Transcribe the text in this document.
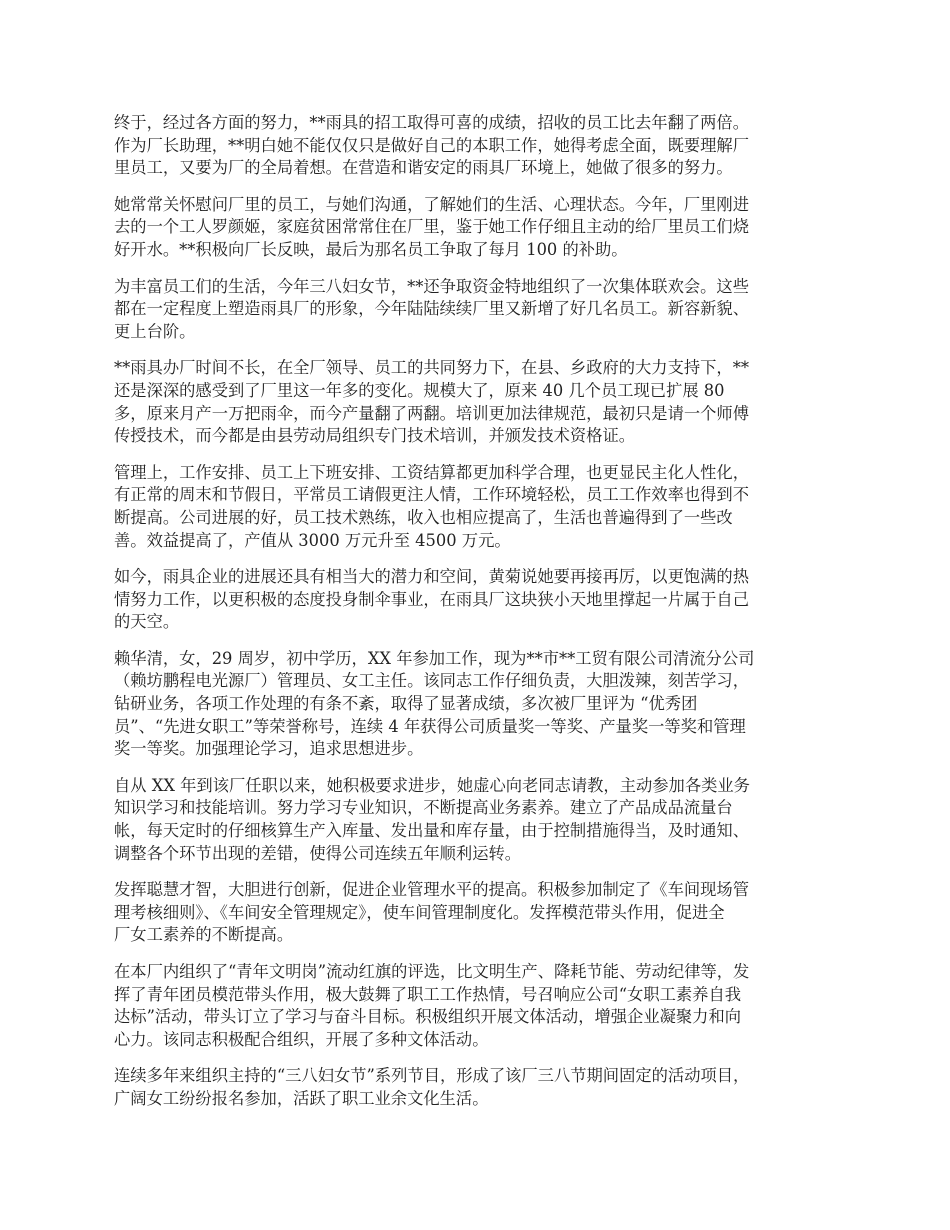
终于，经过各方面的努力，**雨具的招工取得可喜的成绩，招收的员工比去年翻了两倍。
作为厂长助理，**明白她不能仅仅只是做好自己的本职工作，她得考虑全面，既要理解厂
里员工，又要为厂的全局着想。在营造和谐安定的雨具厂环境上，她做了很多的努力。

她常常关怀慰问厂里的员工，与她们沟通，了解她们的生活、心理状态。今年，厂里刚进
去的一个工人罗颜姬，家庭贫困常常住在厂里，鉴于她工作仔细且主动的给厂里员工们烧
好开水。**积极向厂长反映，最后为那名员工争取了每月 100 的补助。

为丰富员工们的生活，今年三八妇女节，**还争取资金特地组织了一次集体联欢会。这些
都在一定程度上塑造雨具厂的形象，今年陆陆续续厂里又新增了好几名员工。新容新貌、
更上台阶。

**雨具办厂时间不长，在全厂领导、员工的共同努力下，在县、乡政府的大力支持下，**
还是深深的感受到了厂里这一年多的变化。规模大了，原来 40 几个员工现已扩展 80
多，原来月产一万把雨伞，而今产量翻了两翻。培训更加法律规范，最初只是请一个师傅
传授技术，而今都是由县劳动局组织专门技术培训，并颁发技术资格证。

管理上，工作安排、员工上下班安排、工资结算都更加科学合理，也更显民主化人性化，
有正常的周末和节假日，平常员工请假更注人情，工作环境轻松，员工工作效率也得到不
断提高。公司进展的好，员工技术熟练，收入也相应提高了，生活也普遍得到了一些改
善。效益提高了，产值从 3000 万元升至 4500 万元。

如今，雨具企业的进展还具有相当大的潜力和空间，黄菊说她要再接再厉，以更饱满的热
情努力工作，以更积极的态度投身制伞事业，在雨具厂这块狭小天地里撑起一片属于自己
的天空。

赖华清，女，29 周岁，初中学历，XX 年参加工作，现为**市**工贸有限公司清流分公司
（赖坊鹏程电光源厂）管理员、女工主任。该同志工作仔细负责，大胆泼辣，刻苦学习，
钻研业务，各项工作处理的有条不紊，取得了显著成绩，多次被厂里评为 “优秀团
员”、“先进女职工”等荣誉称号，连续 4 年获得公司质量奖一等奖、产量奖一等奖和管理
奖一等奖。加强理论学习，追求思想进步。

自从 XX 年到该厂任职以来，她积极要求进步，她虚心向老同志请教，主动参加各类业务
知识学习和技能培训。努力学习专业知识，不断提高业务素养。建立了产品成品流量台
帐，每天定时的仔细核算生产入库量、发出量和库存量，由于控制措施得当，及时通知、
调整各个环节出现的差错，使得公司连续五年顺利运转。

发挥聪慧才智，大胆进行创新，促进企业管理水平的提高。积极参加制定了《车间现场管
理考核细则》、《车间安全管理规定》，使车间管理制度化。发挥模范带头作用，促进全
厂女工素养的不断提高。

在本厂内组织了“青年文明岗”流动红旗的评选，比文明生产、降耗节能、劳动纪律等，发
挥了青年团员模范带头作用，极大鼓舞了职工工作热情，号召响应公司“女职工素养自我
达标”活动，带头订立了学习与奋斗目标。积极组织开展文体活动，增强企业凝聚力和向
心力。该同志积极配合组织，开展了多种文体活动。

连续多年来组织主持的“三八妇女节”系列节目，形成了该厂三八节期间固定的活动项目，
广阔女工纷纷报名参加，活跃了职工业余文化生活。
